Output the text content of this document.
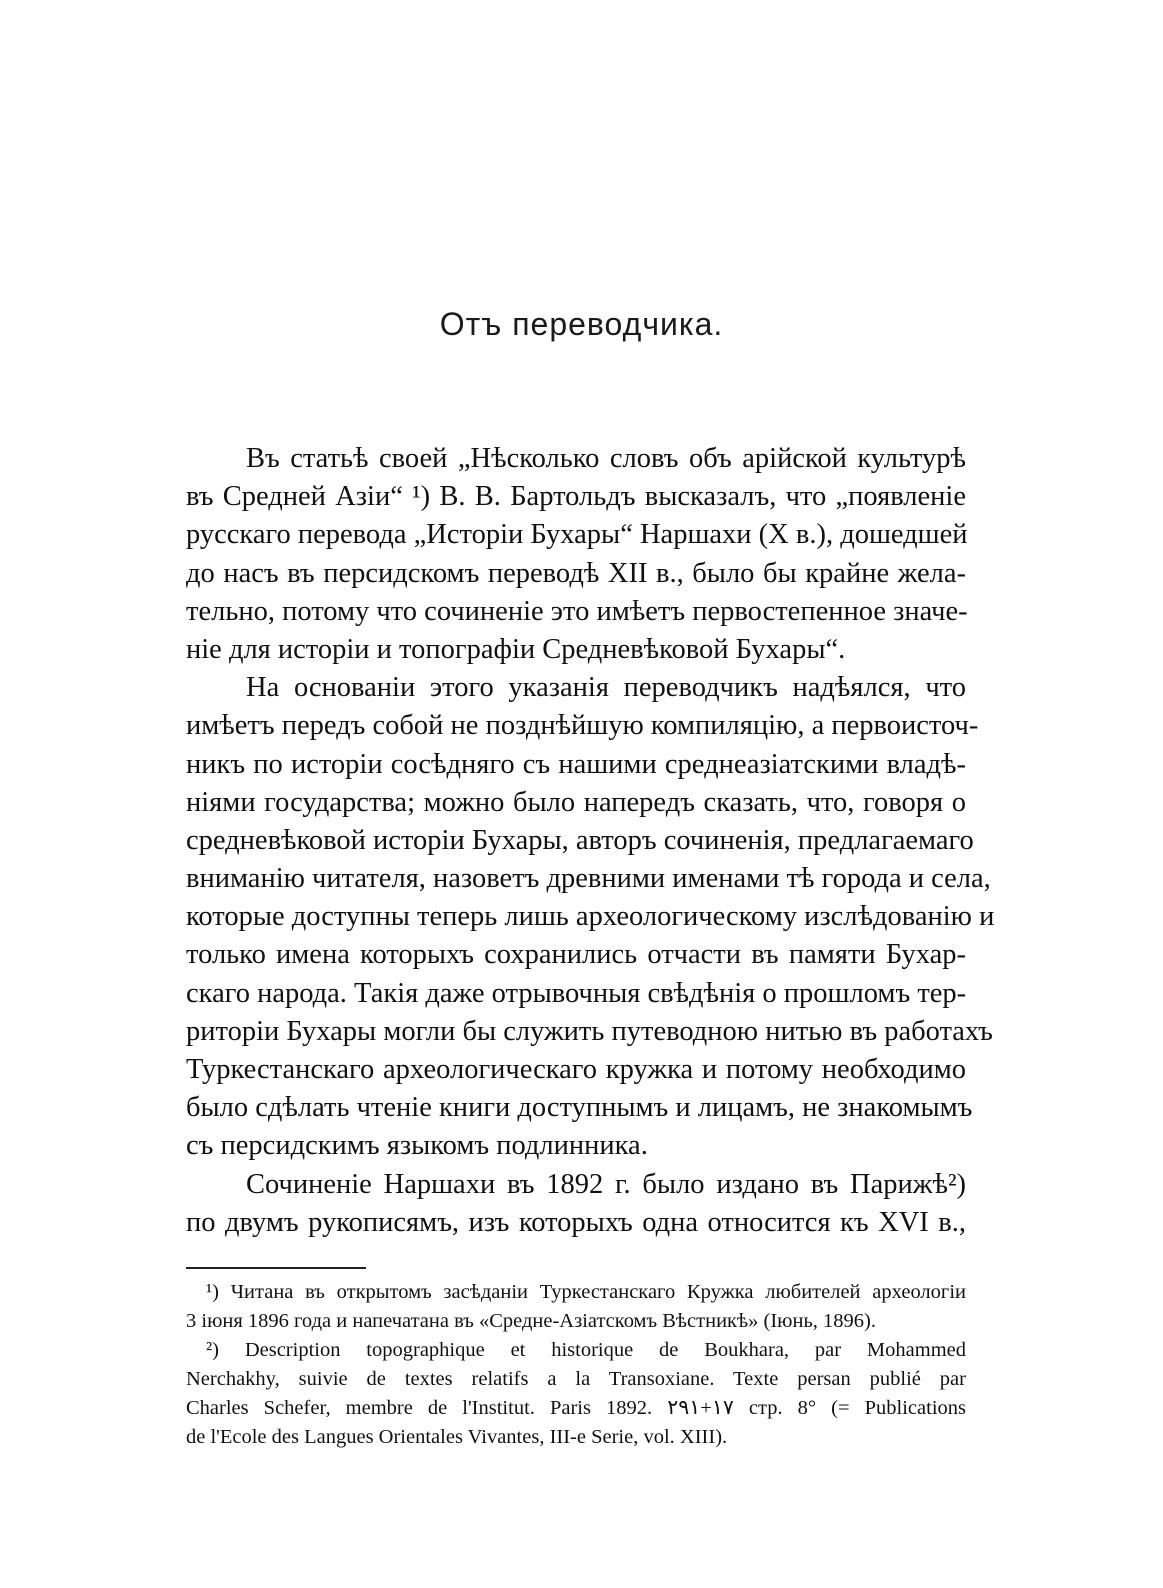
Отъ переводчика.
Въ статьѣ своей „Нѣсколько словъ объ арійской культурѣ
въ Средней Азіи“ ¹) В. В. Бартольдъ высказалъ, что „появленіе
русскаго перевода „Исторіи Бухары“ Наршахи (X в.), дошедшей
до насъ въ персидскомъ переводѣ XII в., было бы крайне жела-
тельно, потому что сочиненіе это имѣетъ первостепенное значе-
ніе для исторіи и топографіи Средневѣковой Бухары“.
На основаніи этого указанія переводчикъ надѣялся, что
имѣетъ передъ собой не позднѣйшую компиляцію, а первоисточ-
никъ по исторіи сосѣдняго съ нашими среднеазіатскими владѣ-
ніями государства; можно было напередъ сказать, что, говоря о
средневѣковой исторіи Бухары, авторъ сочиненія, предлагаемаго
вниманію читателя, назоветъ древними именами тѣ города и села,
которые доступны теперь лишь археологическому изслѣдованію и
только имена которыхъ сохранились отчасти въ памяти Бухар-
скаго народа. Такія даже отрывочныя свѣдѣнія о прошломъ тер-
риторіи Бухары могли бы служить путеводною нитью въ работахъ
Туркестанскаго археологическаго кружка и потому необходимо
было сдѣлать чтеніе книги доступнымъ и лицамъ, не знакомымъ
съ персидскимъ языкомъ подлинника.
Сочиненіе Наршахи въ 1892 г. было издано въ Парижѣ²)
по двумъ рукописямъ, изъ которыхъ одна относится къ XVI в.,
¹) Читана въ открытомъ засѣданіи Туркестанскаго Кружка любителей археологіи
3 іюня 1896 года и напечатана въ «Средне-Азіатскомъ Вѣстникѣ» (Іюнь, 1896).
²) Description topographique et historique de Boukhara, par Mohammed
Nerchakhy, suivie de textes relatifs a la Transoxiane. Texte persan publié par
Charles Schefer, membre de l'Institut. Paris 1892. ١٧+٢٩١ стр. 8° (= Publications
de l'Ecole des Langues Orientales Vivantes, III-e Serie, vol. XIII).
